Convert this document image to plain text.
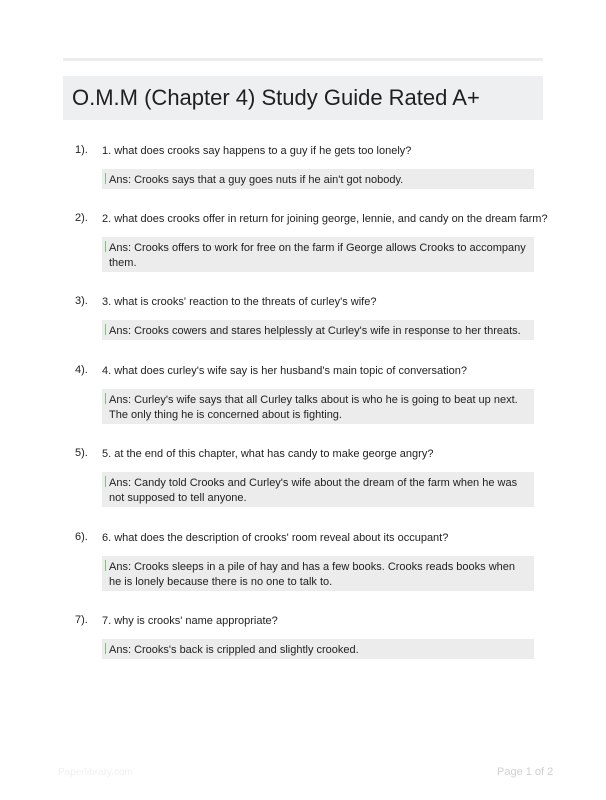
O.M.M (Chapter 4) Study Guide Rated A+
1). 1. what does crooks say happens to a guy if he gets too lonely?
Ans: Crooks says that a guy goes nuts if he ain't got nobody.
2). 2. what does crooks offer in return for joining george, lennie, and candy on the dream farm?
Ans: Crooks offers to work for free on the farm if George allows Crooks to accompany them.
3). 3. what is crooks' reaction to the threats of curley's wife?
Ans: Crooks cowers and stares helplessly at Curley's wife in response to her threats.
4). 4. what does curley's wife say is her husband's main topic of conversation?
Ans: Curley's wife says that all Curley talks about is who he is going to beat up next. The only thing he is concerned about is fighting.
5). 5. at the end of this chapter, what has candy to make george angry?
Ans: Candy told Crooks and Curley's wife about the dream of the farm when he was not supposed to tell anyone.
6). 6. what does the description of crooks' room reveal about its occupant?
Ans: Crooks sleeps in a pile of hay and has a few books. Crooks reads books when he is lonely because there is no one to talk to.
7). 7. why is crooks' name appropriate?
Ans: Crooks's back is crippled and slightly crooked.
Paperlibrary.com	Page 1 of 2
